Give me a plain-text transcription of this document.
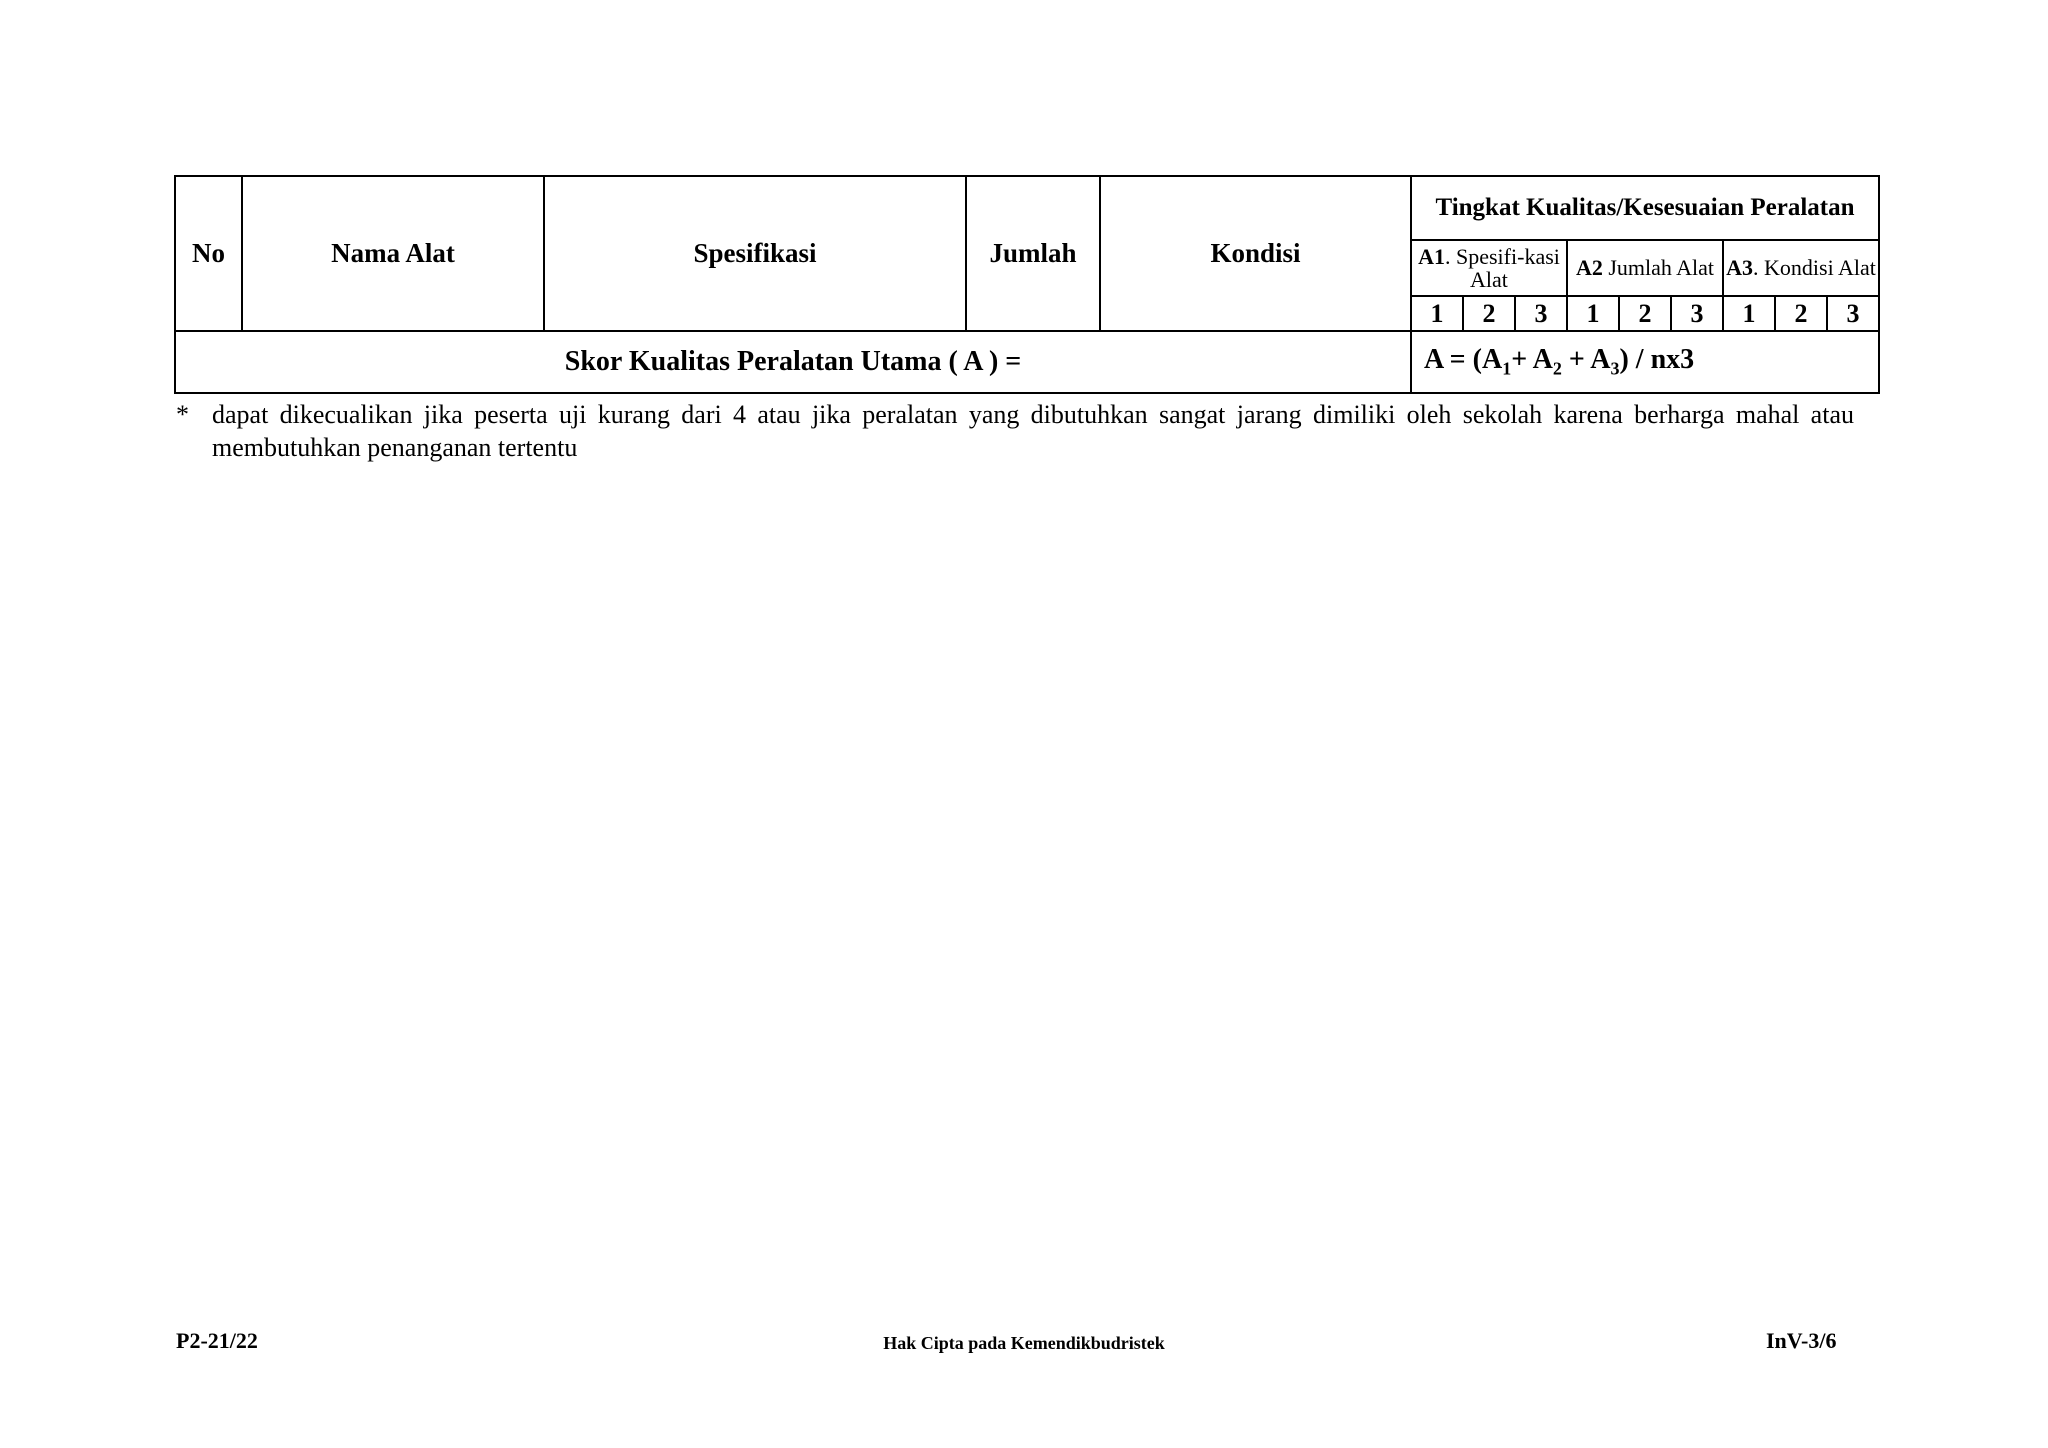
No	Nama Alat	Spesifikasi	Jumlah	Kondisi	Tingkat Kualitas/Kesesuaian Peralatan								
					A1. Spesifi-kasi Alat			A2 Jumlah Alat			A3. Kondisi Alat		
					1	2	3	1	2	3	1	2	3
Skor Kualitas Peralatan Utama ( A ) =					$A = (A_1+ A_2 + A_3) / nx3$								
* dapat dikecualikan jika peserta uji kurang dari 4 atau jika peralatan yang dibutuhkan sangat jarang dimiliki oleh sekolah karena berharga mahal atau membutuhkan penanganan tertentu
P2-21/22	Hak Cipta pada Kemendikbudristek	InV-3/6
